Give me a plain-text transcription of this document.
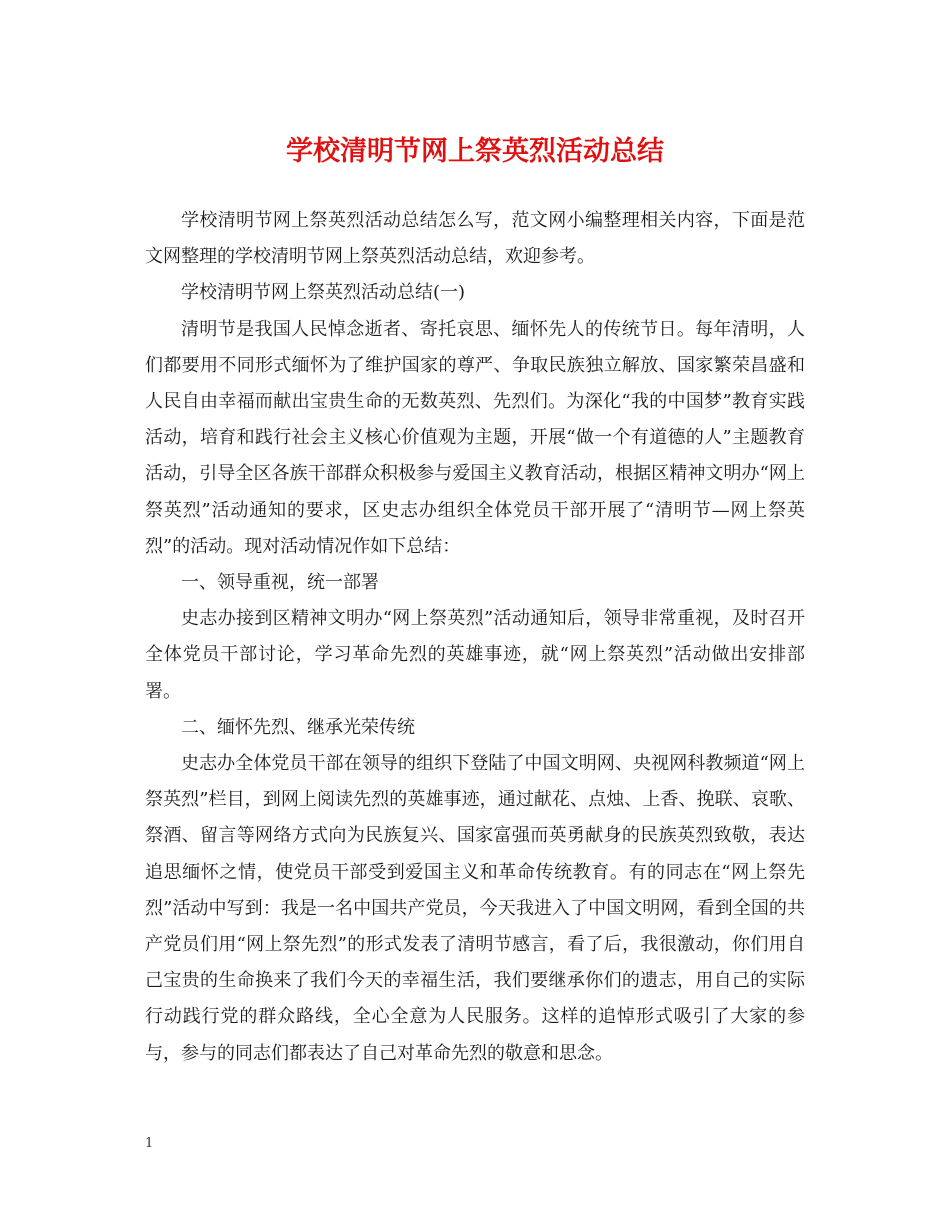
学校清明节网上祭英烈活动总结

学校清明节网上祭英烈活动总结怎么写，范文网小编整理相关内容，下面是范文网整理的学校清明节网上祭英烈活动总结，欢迎参考。

学校清明节网上祭英烈活动总结(一)

清明节是我国人民悼念逝者、寄托哀思、缅怀先人的传统节日。每年清明，人们都要用不同形式缅怀为了维护国家的尊严、争取民族独立解放、国家繁荣昌盛和人民自由幸福而献出宝贵生命的无数英烈、先烈们。为深化“我的中国梦”教育实践活动，培育和践行社会主义核心价值观为主题，开展“做一个有道德的人”主题教育活动，引导全区各族干部群众积极参与爱国主义教育活动，根据区精神文明办“网上祭英烈”活动通知的要求，区史志办组织全体党员干部开展了“清明节—网上祭英烈”的活动。现对活动情况作如下总结：

一、领导重视，统一部署

史志办接到区精神文明办“网上祭英烈”活动通知后，领导非常重视，及时召开全体党员干部讨论，学习革命先烈的英雄事迹，就“网上祭英烈”活动做出安排部署。

二、缅怀先烈、继承光荣传统

史志办全体党员干部在领导的组织下登陆了中国文明网、央视网科教频道“网上祭英烈”栏目，到网上阅读先烈的英雄事迹，通过献花、点烛、上香、挽联、哀歌、祭酒、留言等网络方式向为民族复兴、国家富强而英勇献身的民族英烈致敬，表达追思缅怀之情，使党员干部受到爱国主义和革命传统教育。有的同志在“网上祭先烈”活动中写到：我是一名中国共产党员，今天我进入了中国文明网，看到全国的共产党员们用“网上祭先烈”的形式发表了清明节感言，看了后，我很激动，你们用自己宝贵的生命换来了我们今天的幸福生活，我们要继承你们的遗志，用自己的实际行动践行党的群众路线，全心全意为人民服务。这样的追悼形式吸引了大家的参与，参与的同志们都表达了自己对革命先烈的敬意和思念。

1
